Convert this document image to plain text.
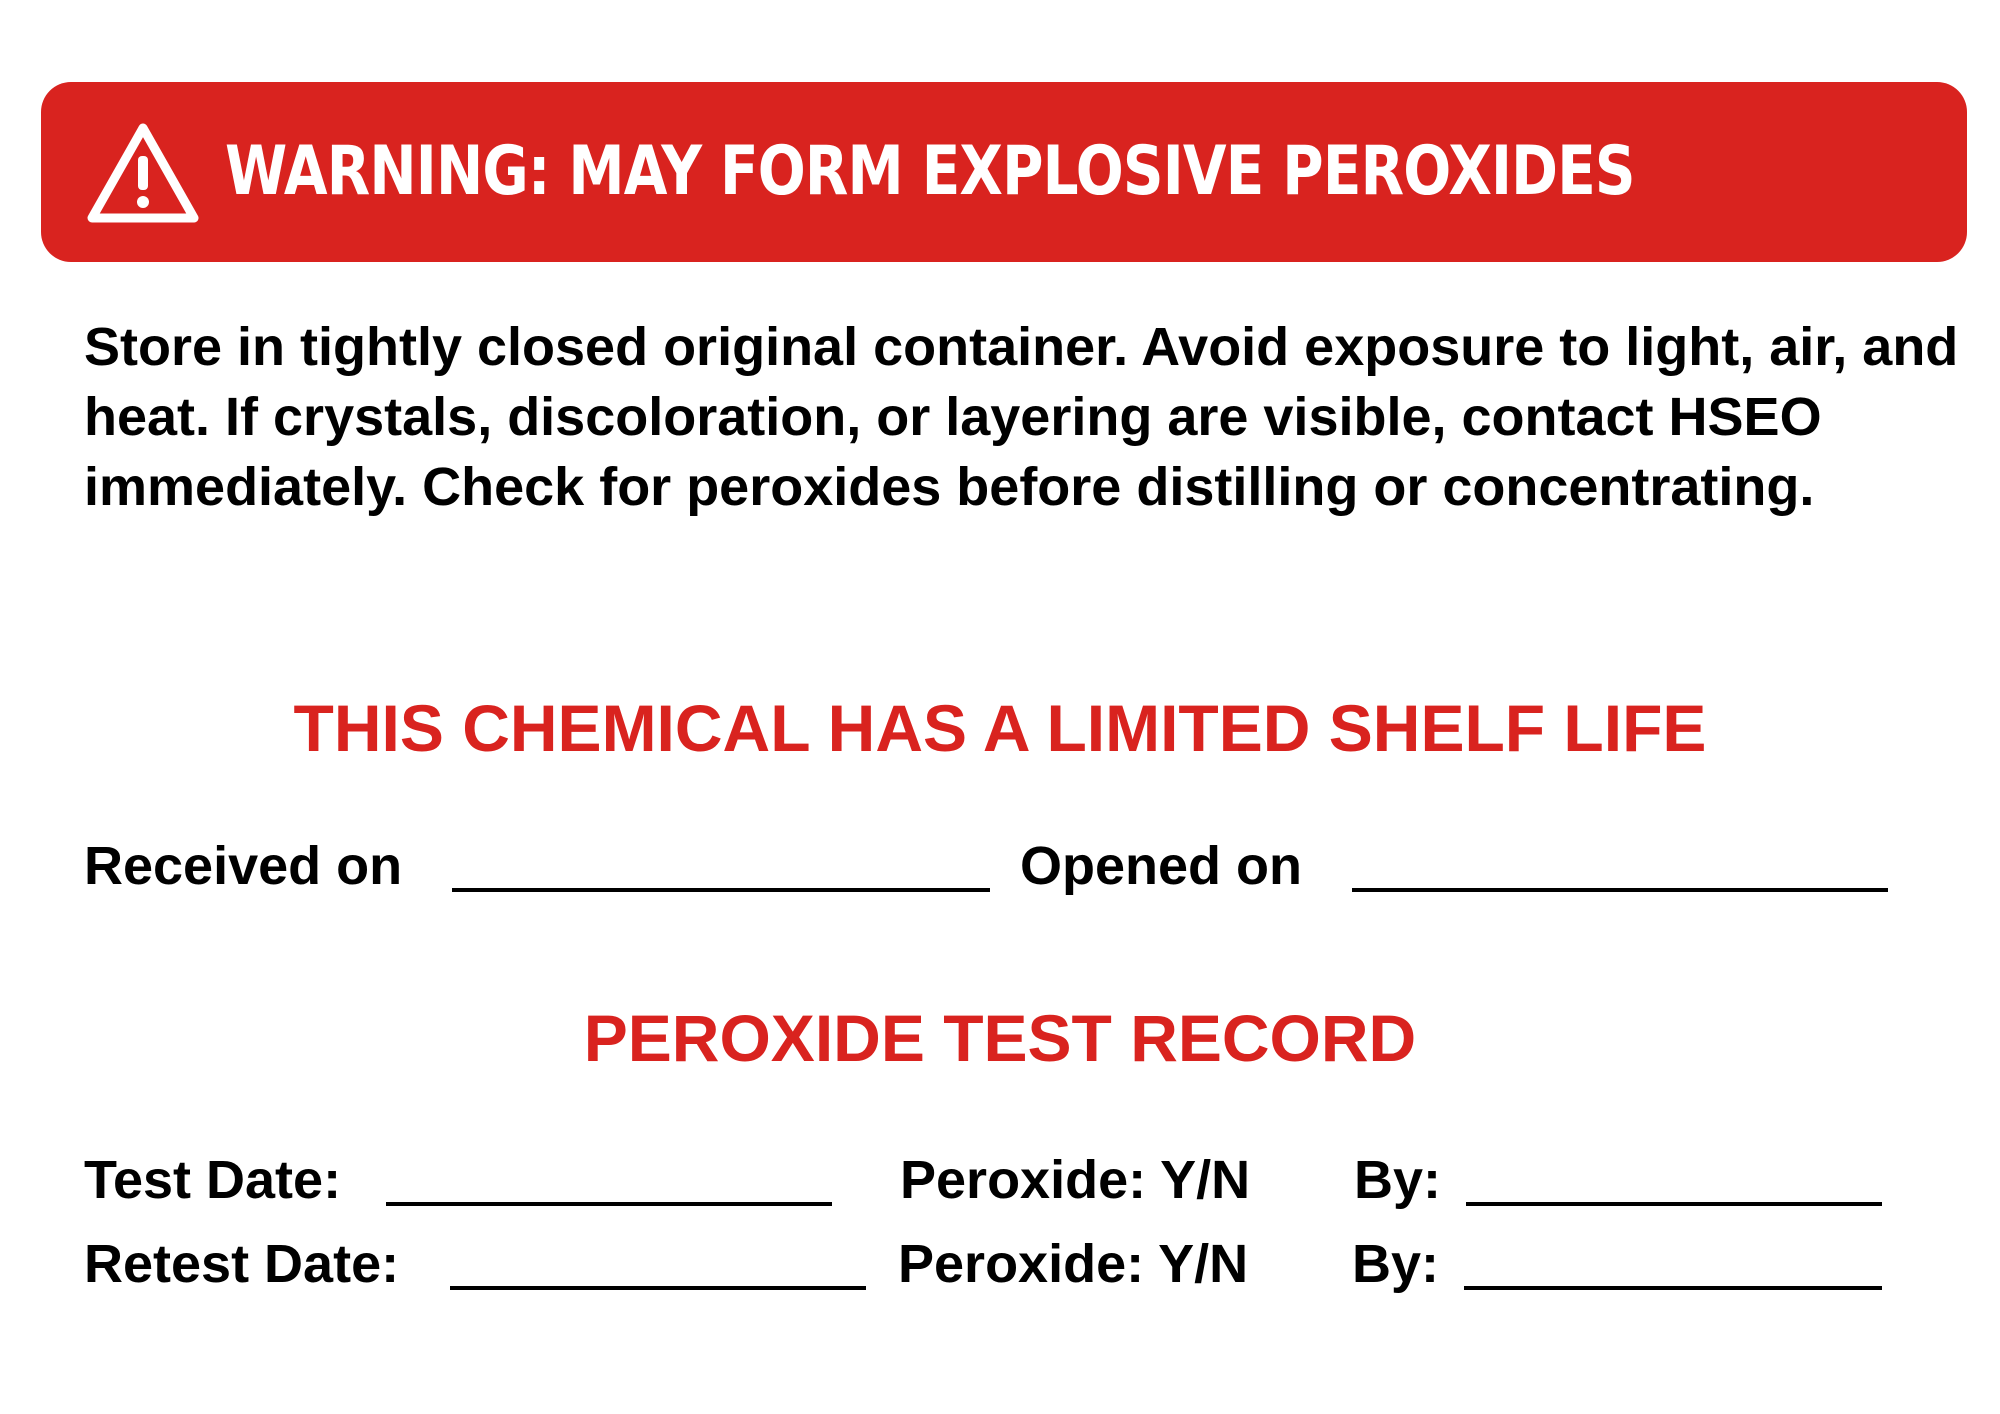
WARNING: MAY FORM EXPLOSIVE PEROXIDES

Store in tightly closed original container. Avoid exposure to light, air, and heat. If crystals, discoloration, or layering are visible, contact HSEO immediately. Check for peroxides before distilling or concentrating.

THIS CHEMICAL HAS A LIMITED SHELF LIFE
Received on	Opened on
PEROXIDE TEST RECORD
Test Date:	Peroxide: Y/N By:
Retest Date:	Peroxide: Y/N By:
